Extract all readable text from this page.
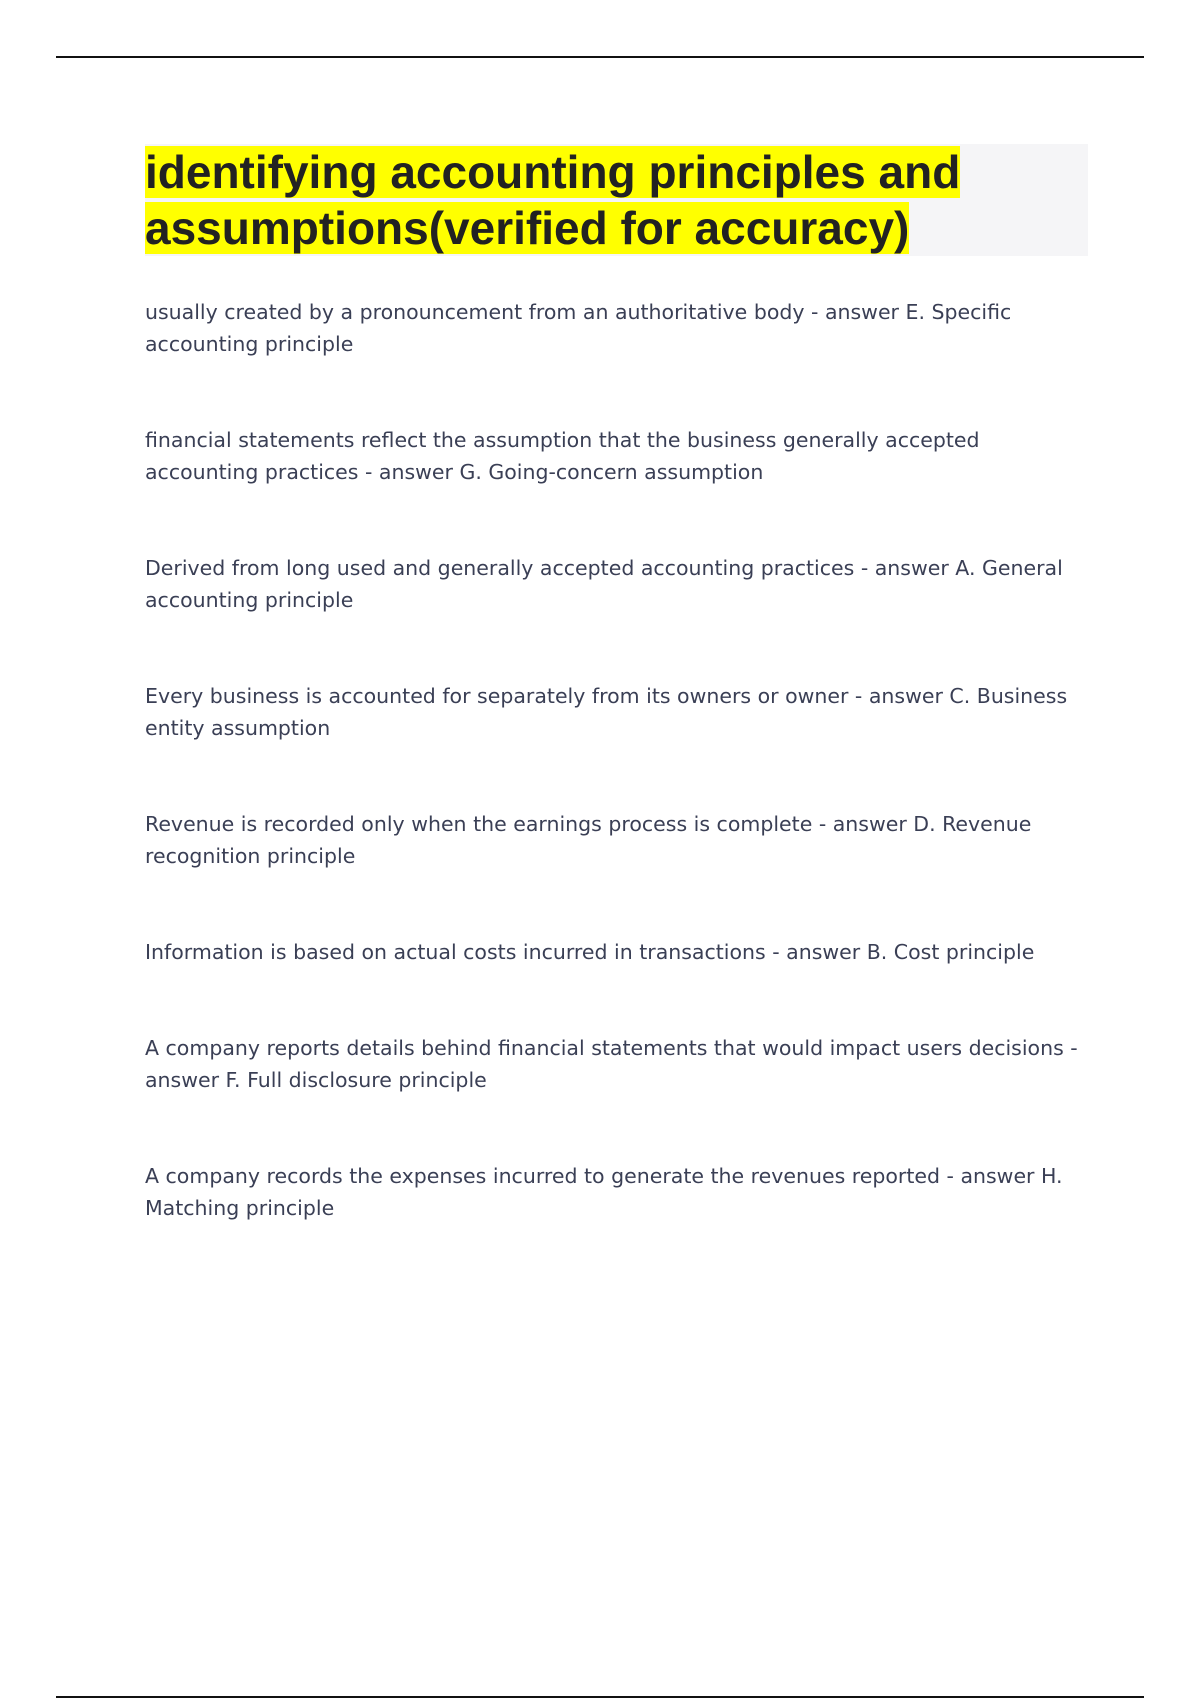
identifying accounting principles and assumptions(verified for accuracy)
usually created by a pronouncement from an authoritative body - answer E. Specific accounting principle
financial statements reflect the assumption that the business generally accepted accounting practices - answer G. Going-concern assumption
Derived from long used and generally accepted accounting practices - answer A. General accounting principle
Every business is accounted for separately from its owners or owner - answer C. Business entity assumption
Revenue is recorded only when the earnings process is complete - answer D. Revenue recognition principle
Information is based on actual costs incurred in transactions - answer B. Cost principle
A company reports details behind financial statements that would impact users decisions - answer F. Full disclosure principle
A company records the expenses incurred to generate the revenues reported - answer H. Matching principle
